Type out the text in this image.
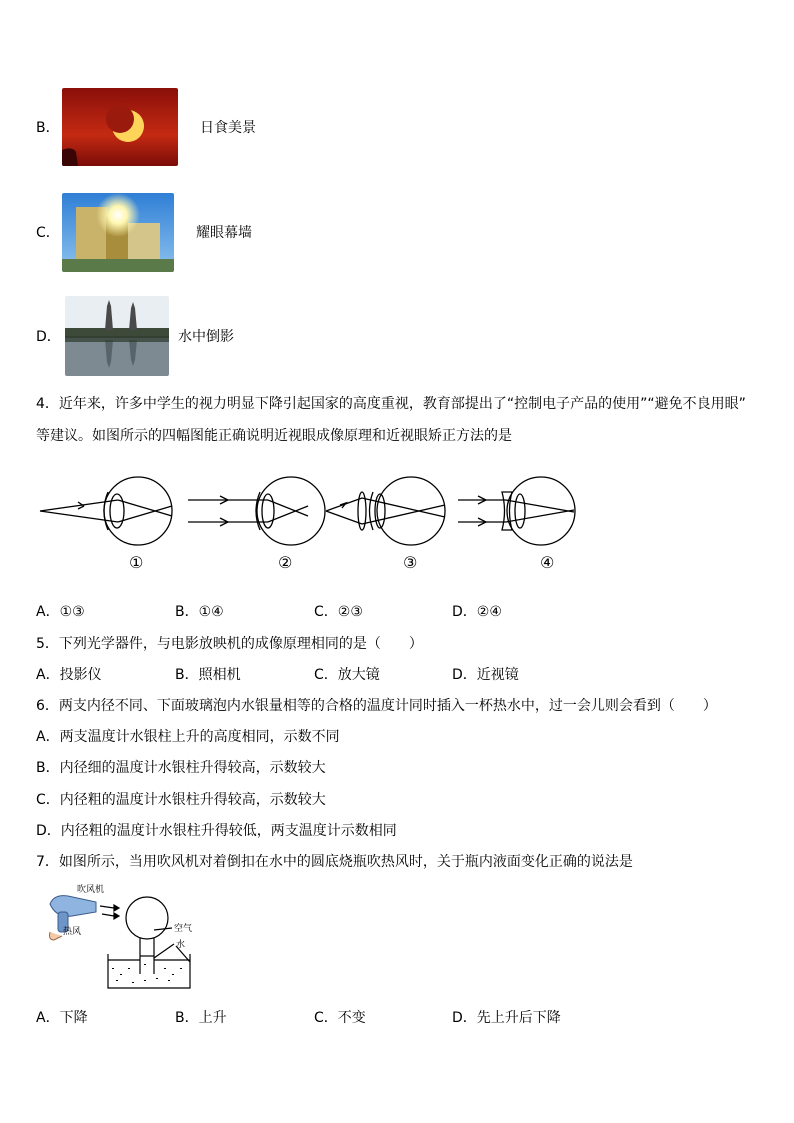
B．	日食美景
C．	耀眼幕墙
D．	水中倒影
4．近年来，许多中学生的视力明显下降引起国家的高度重视，教育部提出了“控制电子产品的使用”“避免不良用眼”
等建议。如图所示的四幅图能正确说明近视眼成像原理和近视眼矫正方法的是
①	②	③	④
A．①③	B．①④	C．②③	D．②④
5．下列光学器件，与电影放映机的成像原理相同的是（　　）
A．投影仪	B．照相机	C．放大镜	D．近视镜
6．两支内径不同、下面玻璃泡内水银量相等的合格的温度计同时插入一杯热水中，过一会儿则会看到（　　）
A．两支温度计水银柱上升的高度相同，示数不同
B．内径细的温度计水银柱升得较高，示数较大
C．内径粗的温度计水银柱升得较高，示数较大
D．内径粗的温度计水银柱升得较低，两支温度计示数相同
7．如图所示，当用吹风机对着倒扣在水中的圆底烧瓶吹热风时，关于瓶内液面变化正确的说法是
吹风机
热风	空气
水
A．下降	B．上升	C．不变	D．先上升后下降
